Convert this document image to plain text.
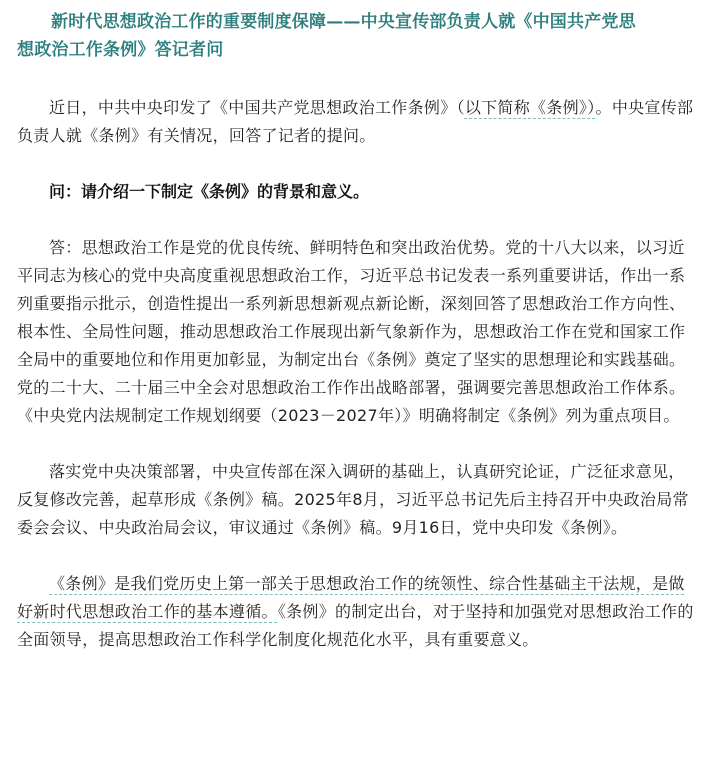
新时代思想政治工作的重要制度保障——中央宣传部负责人就《中国共产党思
想政治工作条例》答记者问

近日，中共中央印发了《中国共产党思想政治工作条例》（以下简称《条例》）。中央宣传部负责人就《条例》有关情况，回答了记者的提问。

问：请介绍一下制定《条例》的背景和意义。

答：思想政治工作是党的优良传统、鲜明特色和突出政治优势。党的十八大以来，以习近平同志为核心的党中央高度重视思想政治工作，习近平总书记发表一系列重要讲话，作出一系列重要指示批示，创造性提出一系列新思想新观点新论断，深刻回答了思想政治工作方向性、根本性、全局性问题，推动思想政治工作展现出新气象新作为，思想政治工作在党和国家工作全局中的重要地位和作用更加彰显，为制定出台《条例》奠定了坚实的思想理论和实践基础。党的二十大、二十届三中全会对思想政治工作作出战略部署，强调要完善思想政治工作体系。《中央党内法规制定工作规划纲要（2023－2027年）》明确将制定《条例》列为重点项目。

落实党中央决策部署，中央宣传部在深入调研的基础上，认真研究论证，广泛征求意见，反复修改完善，起草形成《条例》稿。2025年8月，习近平总书记先后主持召开中央政治局常委会会议、中央政治局会议，审议通过《条例》稿。9月16日，党中央印发《条例》。

《条例》是我们党历史上第一部关于思想政治工作的统领性、综合性基础主干法规，是做好新时代思想政治工作的基本遵循。《条例》的制定出台，对于坚持和加强党对思想政治工作的全面领导，提高思想政治工作科学化制度化规范化水平，具有重要意义。
